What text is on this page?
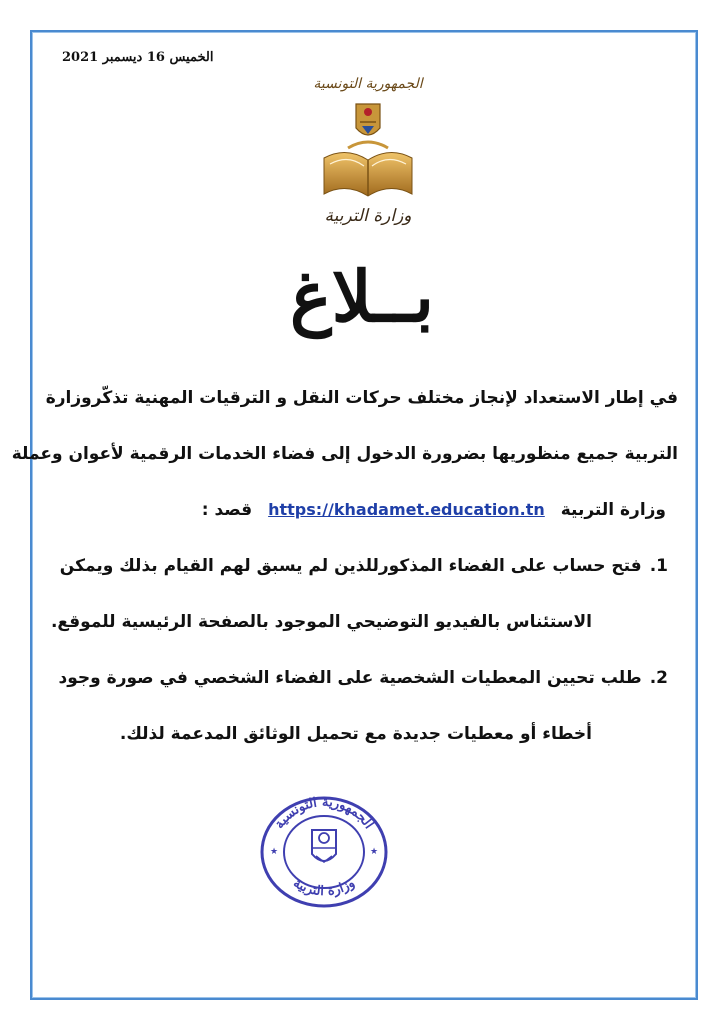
الخميس 16 ديسمبر 2021
الجمهورية التونسية
وزارة التربية
بــلاغ
في إطار الاستعداد لإنجاز مختلف حركات النقل و الترقيات المهنية تذكّروزارة
التربية جميع منظوريها بضرورة الدخول إلى فضاء الخدمات الرقمية لأعوان وعملة
وزارة التربية https://khadamet.education.tn قصد :
1.فتح حساب على الفضاء المذكورللذين لم يسبق لهم القيام بذلك ويمكن
الاستئناس بالفيديو التوضيحي الموجود بالصفحة الرئيسية للموقع.
2.طلب تحيين المعطيات الشخصية على الفضاء الشخصي في صورة وجود
أخطاء أو معطيات جديدة مع تحميل الوثائق المدعمة لذلك.
الجمهورية التونسية
وزارة التربية
★	★
